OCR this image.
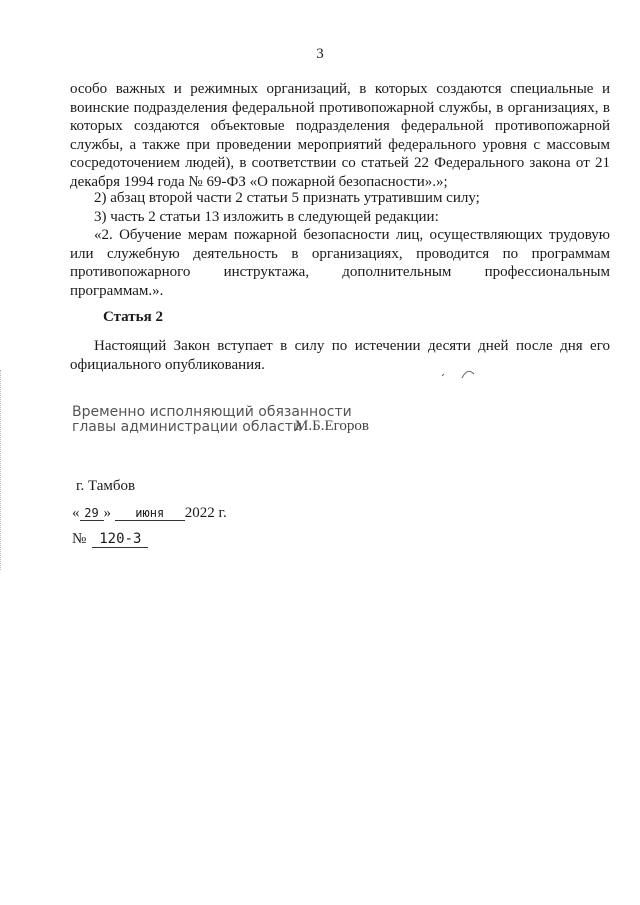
3

особо важных и режимных организаций, в которых создаются специальные и воинские подразделения федеральной противопожарной службы, в организациях, в которых создаются объектовые подразделения федеральной противопожарной службы, а также при проведении мероприятий федерального уровня с массовым сосредоточением людей), в соответствии со статьей 22 Федерального закона от 21 декабря 1994 года № 69-ФЗ «О пожарной безопасности».»;

2) абзац второй части 2 статьи 5 признать утратившим силу;

3) часть 2 статьи 13 изложить в следующей редакции:

«2. Обучение мерам пожарной безопасности лиц, осуществляющих трудовую или служебную деятельность в организациях, проводится по программам противопожарного инструктажа, дополнительным профессиональным программам.».

Статья 2

Настоящий Закон вступает в силу по истечении десяти дней после дня его официального опубликования.

Временно исполняющий обязанности
главы администрации области
М.Б.Егоров
г. Тамбов
« 29 » июня 2022 г.
№ 120-З
